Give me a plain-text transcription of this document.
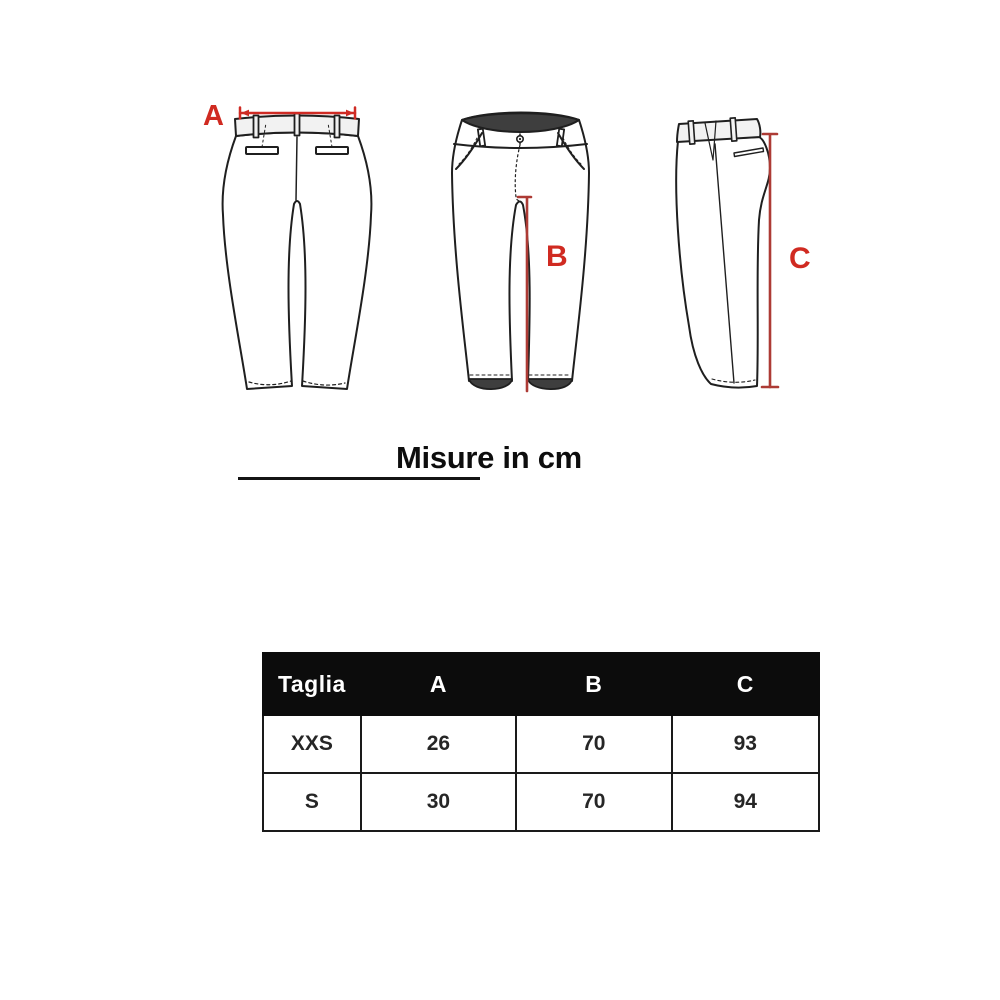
A
B	C
Misure in cm
Taglia	A	B	C
XXS	26	70	93
S	30	70	94
